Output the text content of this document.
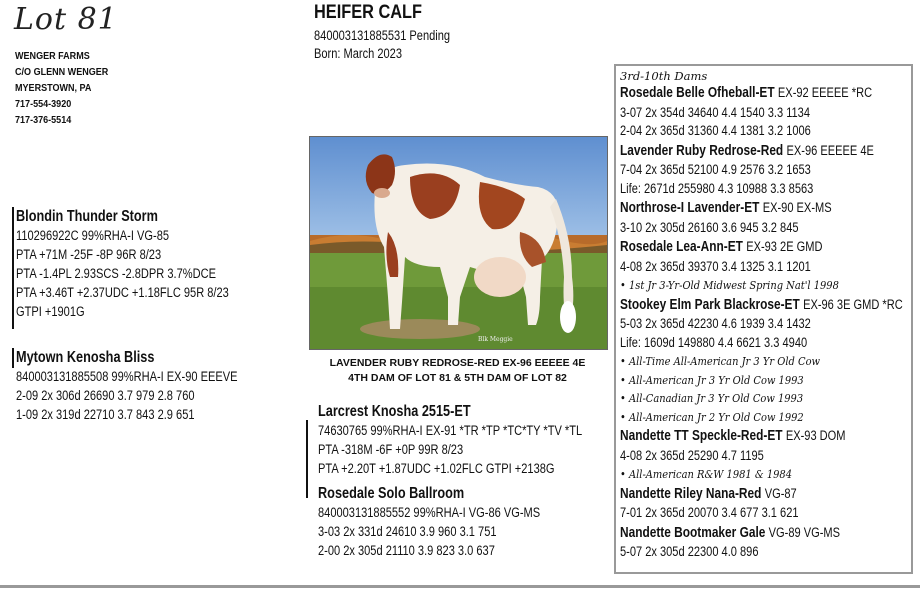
Lot 81
WENGER FARMS
C/O GLENN WENGER
MYERSTOWN, PA
717-554-3920
717-376-5514
HEIFER CALF
840003131885531 Pending
Born: March 2023
Blondin Thunder Storm
110296922C 99%RHA-I VG-85
PTA +71M -25F -8P 96R 8/23
PTA -1.4PL 2.93SCS -2.8DPR 3.7%DCE
PTA +3.46T +2.37UDC +1.18FLC 95R 8/23
GTPI +1901G
Mytown Kenosha Bliss
840003131885508 99%RHA-I EX-90 EEEVE
2-09 2x 306d 26690 3.7 979 2.8 760
1-09 2x 319d 22710 3.7 843 2.9 651
Blk Meggie
LAVENDER RUBY REDROSE-RED EX-96 EEEEE 4E
4TH DAM OF LOT 81 & 5TH DAM OF LOT 82
Larcrest Knosha 2515-ET
74630765 99%RHA-I EX-91 *TR *TP *TC*TY *TV *TL
PTA -318M -6F +0P 99R 8/23
PTA +2.20T +1.87UDC +1.02FLC GTPI +2138G
Rosedale Solo Ballroom
840003131885552 99%RHA-I VG-86 VG-MS
3-03 2x 331d 24610 3.9 960 3.1 751
2-00 2x 305d 21110 3.9 823 3.0 637
3rd-10th Dams
Rosedale Belle Ofheball-ET EX-92 EEEEE *RC
3-07 2x 354d 34640 4.4 1540 3.3 1134
2-04 2x 365d 31360 4.4 1381 3.2 1006
Lavender Ruby Redrose-Red EX-96 EEEEE 4E
7-04 2x 365d 52100 4.9 2576 3.2 1653
Life: 2671d 255980 4.3 10988 3.3 8563
Northrose-I Lavender-ET EX-90 EX-MS
3-10 2x 305d 26160 3.6 945 3.2 845
Rosedale Lea-Ann-ET EX-93 2E GMD
4-08 2x 365d 39370 3.4 1325 3.1 1201
• 1st Jr 3-Yr-Old Midwest Spring Nat'l 1998
Stookey Elm Park Blackrose-ET EX-96 3E GMD *RC
5-03 2x 365d 42230 4.6 1939 3.4 1432
Life: 1609d 149880 4.4 6621 3.3 4940
• All-Time All-American Jr 3 Yr Old Cow
• All-American Jr 3 Yr Old Cow 1993
• All-Canadian Jr 3 Yr Old Cow 1993
• All-American Jr 2 Yr Old Cow 1992
Nandette TT Speckle-Red-ET EX-93 DOM
4-08 2x 365d 25290 4.7 1195
• All-American R&W 1981 & 1984
Nandette Riley Nana-Red VG-87
7-01 2x 365d 20070 3.4 677 3.1 621
Nandette Bootmaker Gale VG-89 VG-MS
5-07 2x 305d 22300 4.0 896
